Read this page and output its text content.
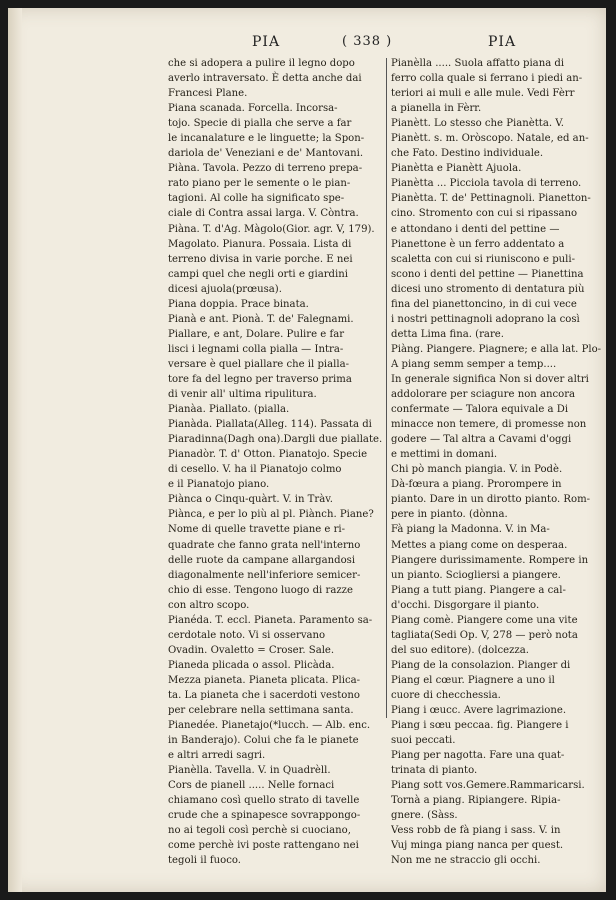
PIA	( 338 )	PIA
che si adopera a pulire il legno dopo
averlo intraversato. È detta anche dai
Francesi Plane.
Piana scanada. Forcella. Incorsa-
tojo. Specie di pialla che serve a far
le incanalature e le linguette; la Spon-
dariola de' Veneziani e de' Mantovani.
Piàna. Tavola. Pezzo di terreno prepa-
rato piano per le semente o le pian-
tagioni. Al colle ha significato spe-
ciale di Contra assai larga. V. Còntra.
Piàna. T. d'Ag. Màgolo(Gior. agr. V, 179).
Magolato. Pianura. Possaia. Lista di
terreno divisa in varie porche. E nei
campi quel che negli orti e giardini
dicesi ajuola(prœusa).
Piana doppia. Prace binata.
Pianà e ant. Pionà. T. de' Falegnami.
Piallare, e ant, Dolare. Pulire e far
lisci i legnami colla pialla — Intra-
versare è quel piallare che il pialla-
tore fa del legno per traverso prima
di venir all' ultima ripulitura.
Pianàa. Piallato. (pialla.
Pianàda. Piallata(Alleg. 114). Passata di
Piaradinna(Dagh ona).Dargli due piallate.
Pianadòr. T. d' Otton. Pianatojo. Specie
di cesello. V. ha il Pianatojo colmo
e il Pianatojo piano.
Piànca o Cinqu-quàrt. V. in Tràv.
Piànca, e per lo più al pl. Piànch. Piane?
Nome di quelle travette piane e ri-
quadrate che fanno grata nell'interno
delle ruote da campane allargandosi
diagonalmente nell'inferiore semicer-
chio di esse. Tengono luogo di razze
con altro scopo.
Pianéda. T. eccl. Pianeta. Paramento sa-
cerdotale noto. Vi si osservano
Ovadin. Ovaletto = Croser. Sale.
Pianeda plicada o assol. Plicàda.
Mezza pianeta. Pianeta plicata. Plica-
ta. La pianeta che i sacerdoti vestono
per celebrare nella settimana santa.
Pianedée. Pianetajo(*lucch. — Alb. enc.
in Banderajo). Colui che fa le pianete
e altri arredi sagri.
Pianèlla. Tavella. V. in Quadrèll.
Cors de pianell ..... Nelle fornaci
chiamano così quello strato di tavelle
crude che a spinapesce sovrappongo-
no ai tegoli così perchè si cuociano,
come perchè ivi poste rattengano nei
tegoli il fuoco.
Pianèlla ..... Suola affatto piana di
ferro colla quale si ferrano i piedi an-
teriori ai muli e alle mule. Vedi Fèrr
a pianella in Fèrr.
Pianètt. Lo stesso che Pianètta. V.
Pianètt. s. m. Oròscopo. Natale, ed an-
che Fato. Destino individuale.
Pianètta e Pianètt Ajuola.
Pianètta ... Picciola tavola di terreno.
Pianètta. T. de' Pettinagnoli. Pianetton-
cino. Stromento con cui si ripassano
e attondano i denti del pettine —
Pianettone è un ferro addentato a
scaletta con cui si riuniscono e puli-
scono i denti del pettine — Pianettina
dicesi uno stromento di dentatura più
fina del pianettoncino, in di cui vece
i nostri pettinagnoli adoprano la così
detta Lima fina. (rare.
Piàng. Piangere. Piagnere; e alla lat. Plo-
A piang semm semper a temp....
In generale significa Non si dover altri
addolorare per sciagure non ancora
confermate — Talora equivale a Di
minacce non temere, di promesse non
godere — Tal altra a Cavami d'oggi
e mettimi in domani.
Chi pò manch piangia. V. in Podè.
Dà-fœura a piang. Prorompere in
pianto. Dare in un dirotto pianto. Rom-
pere in pianto. (dònna.
Fà piang la Madonna. V. in Ma-
Mettes a piang come on desperaa.
Piangere durissimamente. Rompere in
un pianto. Sciogliersi a piangere.
Piang a tutt piang. Piangere a cal-
d'occhi. Disgorgare il pianto.
Piang comè. Piangere come una vite
tagliata(Sedi Op. V, 278 — però nota
del suo editore). (dolcezza.
Piang de la consolazion. Pianger di
Piang el cœur. Piagnere a uno il
cuore di checchessia.
Piang i œucc. Avere lagrimazione.
Piang i sœu peccaa. fig. Piangere i
suoi peccati.
Piang per nagotta. Fare una quat-
trinata di pianto.
Piang sott vos.Gemere.Rammaricarsi.
Tornà a piang. Ripiangere. Ripia-
gnere. (Sàss.
Vess robb de fà piang i sass. V. in
Vuj minga piang nanca per quest.
Non me ne straccio gli occhi.
